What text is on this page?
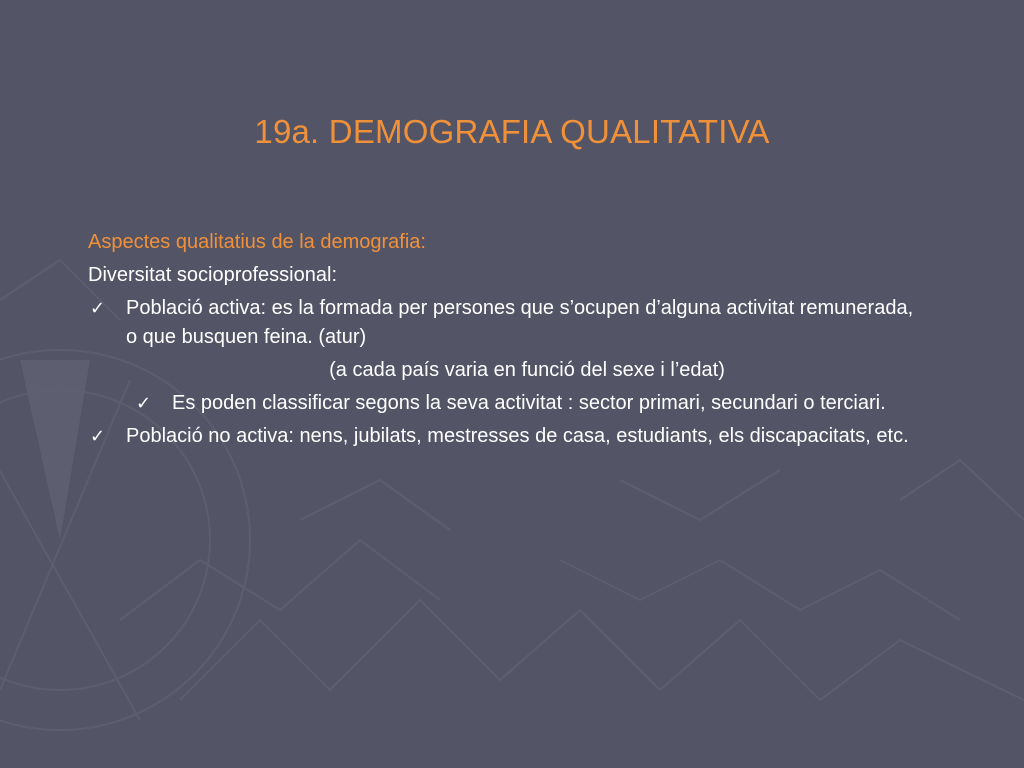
19a. DEMOGRAFIA QUALITATIVA
Aspectes qualitatius de la demografia:
Diversitat socioprofessional:
✓ Població activa: es la formada per persones que s’ocupen d’alguna activitat remunerada, o que busquen feina. (atur)
(a cada país varia en funció del sexe i l’edat)
✓ Es poden classificar segons la seva activitat : sector primari, secundari o terciari.
✓ Població no activa: nens, jubilats, mestresses de casa, estudiants, els discapacitats, etc.
